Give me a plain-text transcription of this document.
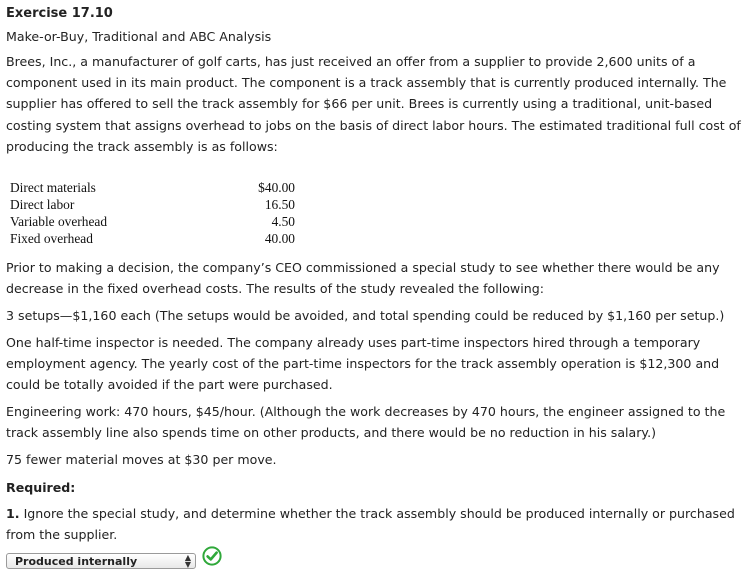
Exercise 17.10
Make-or-Buy, Traditional and ABC Analysis
Brees, Inc., a manufacturer of golf carts, has just received an offer from a supplier to provide 2,600 units of a component used in its main product. The component is a track assembly that is currently produced internally. The supplier has offered to sell the track assembly for $66 per unit. Brees is currently using a traditional, unit-based costing system that assigns overhead to jobs on the basis of direct labor hours. The estimated traditional full cost of producing the track assembly is as follows:
Direct materials	$40.00
Direct labor	16.50
Variable overhead	4.50
Fixed overhead	40.00
Prior to making a decision, the company’s CEO commissioned a special study to see whether there would be any decrease in the fixed overhead costs. The results of the study revealed the following:
3 setups—$1,160 each (The setups would be avoided, and total spending could be reduced by $1,160 per setup.)
One half-time inspector is needed. The company already uses part-time inspectors hired through a temporary employment agency. The yearly cost of the part-time inspectors for the track assembly operation is $12,300 and could be totally avoided if the part were purchased.
Engineering work: 470 hours, $45/hour. (Although the work decreases by 470 hours, the engineer assigned to the track assembly line also spends time on other products, and there would be no reduction in his salary.)
75 fewer material moves at $30 per move.
Required:
1. Ignore the special study, and determine whether the track assembly should be produced internally or purchased from the supplier.
Produced internally	▲
▼
